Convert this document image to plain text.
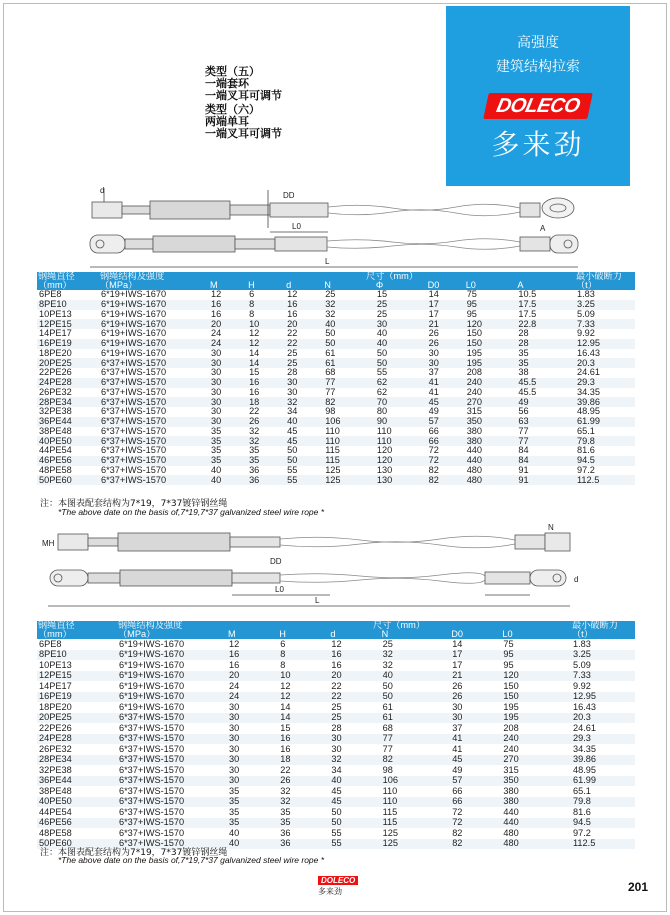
高强度
建筑结构拉索
DOLECO
多来劲
类型（五）
一端套环
一端叉耳可调节
类型（六）
两端单耳
一端叉耳可调节
d
L0
L
DD
A
钢绳直径	钢绳结构及强度	尺寸（mm）								最小破断力
（mm）	（MPa）	M	H	d	N	Φ	D0	L0	A	（t）
6PE8	6*19+IWS-1670	12	6	12	25	15	14	75	10.5	1.83
8PE10	6*19+IWS-1670	16	8	16	32	25	17	95	17.5	3.25
10PE13	6*19+IWS-1670	16	8	16	32	25	17	95	17.5	5.09
12PE15	6*19+IWS-1670	20	10	20	40	30	21	120	22.8	7.33
14PE17	6*19+IWS-1670	24	12	22	50	40	26	150	28	9.92
16PE19	6*19+IWS-1670	24	12	22	50	40	26	150	28	12.95
18PE20	6*19+IWS-1670	30	14	25	61	50	30	195	35	16.43
20PE25	6*37+IWS-1570	30	14	25	61	50	30	195	35	20.3
22PE26	6*37+IWS-1570	30	15	28	68	55	37	208	38	24.61
24PE28	6*37+IWS-1570	30	16	30	77	62	41	240	45.5	29.3
26PE32	6*37+IWS-1570	30	16	30	77	62	41	240	45.5	34.35
28PE34	6*37+IWS-1570	30	18	32	82	70	45	270	49	39.86
32PE38	6*37+IWS-1570	30	22	34	98	80	49	315	56	48.95
36PE44	6*37+IWS-1570	30	26	40	106	90	57	350	63	61.99
38PE48	6*37+IWS-1570	35	32	45	110	110	66	380	77	65.1
40PE50	6*37+IWS-1570	35	32	45	110	110	66	380	77	79.8
44PE54	6*37+IWS-1570	35	35	50	115	120	72	440	84	81.6
46PE56	6*37+IWS-1570	35	35	50	115	120	72	440	84	94.5
48PE58	6*37+IWS-1570	40	36	55	125	130	82	480	91	97.2
50PE60	6*37+IWS-1570	40	36	55	125	130	82	480	91	112.5
注：本图表配套结构为7*19，7*37镀锌钢丝绳
*The above date on the basis of,7*19,7*37 galvanized steel wire rope *
MH
L0
L
N
DD
d
钢绳直径	钢绳结构及强度	尺寸（mm）						最小破断力
（mm）	（MPa）	M	H	d	N	D0	L0	（t）
6PE8	6*19+IWS-1670	12	6	12	25	14	75	1.83
8PE10	6*19+IWS-1670	16	8	16	32	17	95	3.25
10PE13	6*19+IWS-1670	16	8	16	32	17	95	5.09
12PE15	6*19+IWS-1670	20	10	20	40	21	120	7.33
14PE17	6*19+IWS-1670	24	12	22	50	26	150	9.92
16PE19	6*19+IWS-1670	24	12	22	50	26	150	12.95
18PE20	6*19+IWS-1670	30	14	25	61	30	195	16.43
20PE25	6*37+IWS-1570	30	14	25	61	30	195	20.3
22PE26	6*37+IWS-1570	30	15	28	68	37	208	24.61
24PE28	6*37+IWS-1570	30	16	30	77	41	240	29.3
26PE32	6*37+IWS-1570	30	16	30	77	41	240	34.35
28PE34	6*37+IWS-1570	30	18	32	82	45	270	39.86
32PE38	6*37+IWS-1570	30	22	34	98	49	315	48.95
36PE44	6*37+IWS-1570	30	26	40	106	57	350	61.99
38PE48	6*37+IWS-1570	35	32	45	110	66	380	65.1
40PE50	6*37+IWS-1570	35	32	45	110	66	380	79.8
44PE54	6*37+IWS-1570	35	35	50	115	72	440	81.6
46PE56	6*37+IWS-1570	35	35	50	115	72	440	94.5
48PE58	6*37+IWS-1570	40	36	55	125	82	480	97.2
50PE60	6*37+IWS-1570	40	36	55	125	82	480	112.5
注：本图表配套结构为7*19，7*37镀锌钢丝绳
*The above date on the basis of,7*19,7*37 galvanized steel wire rope *
DOLECO
多来劲	201
